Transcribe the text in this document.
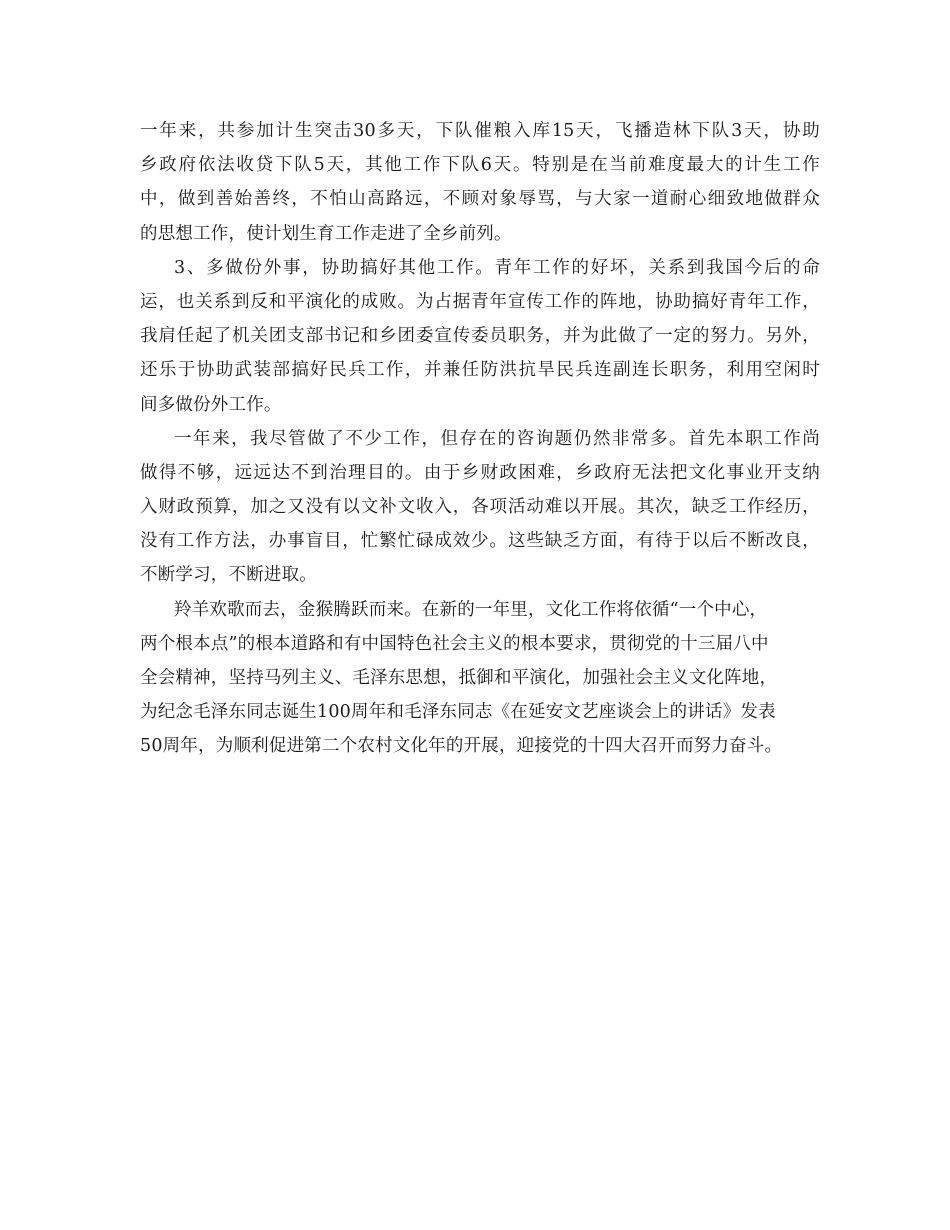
一年来，共参加计生突击30多天，下队催粮入库15天，飞播造林下队3天，协助
乡政府依法收贷下队5天，其他工作下队6天。特别是在当前难度最大的计生工作
中，做到善始善终，不怕山高路远，不顾对象辱骂，与大家一道耐心细致地做群众
的思想工作，使计划生育工作走进了全乡前列。
3、多做份外事，协助搞好其他工作。青年工作的好坏，关系到我国今后的命
运，也关系到反和平演化的成败。为占据青年宣传工作的阵地，协助搞好青年工作，
我肩任起了机关团支部书记和乡团委宣传委员职务，并为此做了一定的努力。另外，
还乐于协助武装部搞好民兵工作，并兼任防洪抗旱民兵连副连长职务，利用空闲时
间多做份外工作。
一年来，我尽管做了不少工作，但存在的咨询题仍然非常多。首先本职工作尚
做得不够，远远达不到治理目的。由于乡财政困难，乡政府无法把文化事业开支纳
入财政预算，加之又没有以文补文收入，各项活动难以开展。其次，缺乏工作经历，
没有工作方法，办事盲目，忙繁忙碌成效少。这些缺乏方面，有待于以后不断改良，
不断学习，不断进取。
羚羊欢歌而去，金猴腾跃而来。在新的一年里，文化工作将依循“一个中心，
两个根本点”的根本道路和有中国特色社会主义的根本要求，贯彻党的十三届八中
全会精神，坚持马列主义、毛泽东思想，抵御和平演化，加强社会主义文化阵地，
为纪念毛泽东同志诞生100周年和毛泽东同志《在延安文艺座谈会上的讲话》发表
50周年，为顺利促进第二个农村文化年的开展，迎接党的十四大召开而努力奋斗。
